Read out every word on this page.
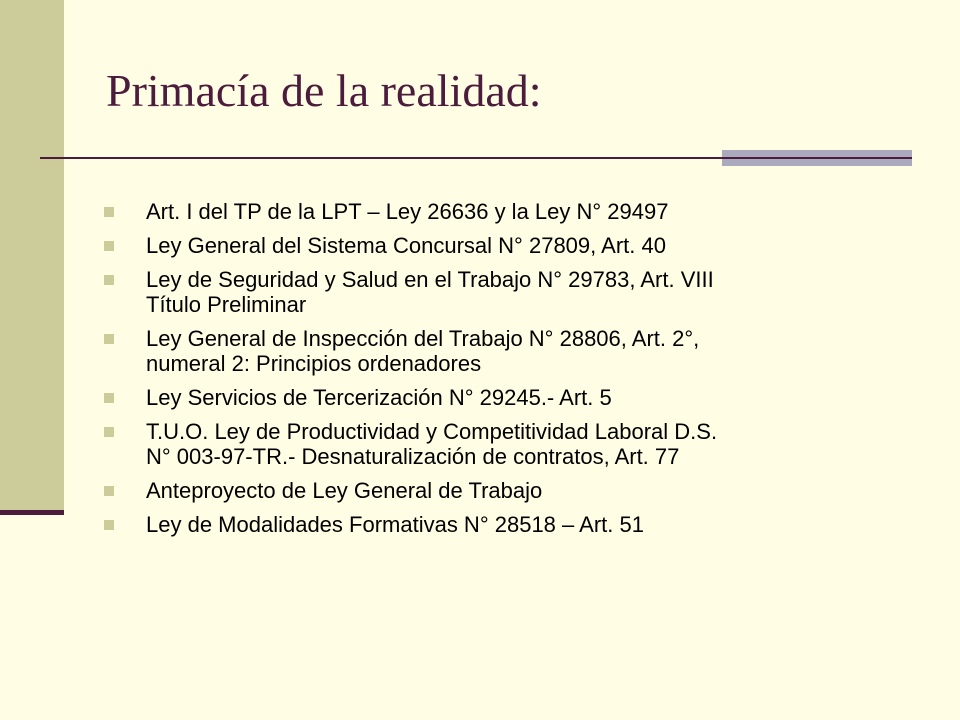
Primacía de la realidad:
Art. I del TP de la LPT – Ley 26636 y la Ley N° 29497
Ley General del Sistema Concursal N° 27809, Art. 40
Ley de Seguridad y Salud en el Trabajo N° 29783, Art. VIII
Título Preliminar
Ley General de Inspección del Trabajo N° 28806, Art. 2°,
numeral 2: Principios ordenadores
Ley Servicios de Tercerización N° 29245.- Art. 5
T.U.O. Ley de Productividad y Competitividad Laboral D.S.
N° 003-97-TR.- Desnaturalización de contratos, Art. 77
Anteproyecto de Ley General de Trabajo
Ley de Modalidades Formativas N° 28518 – Art. 51
